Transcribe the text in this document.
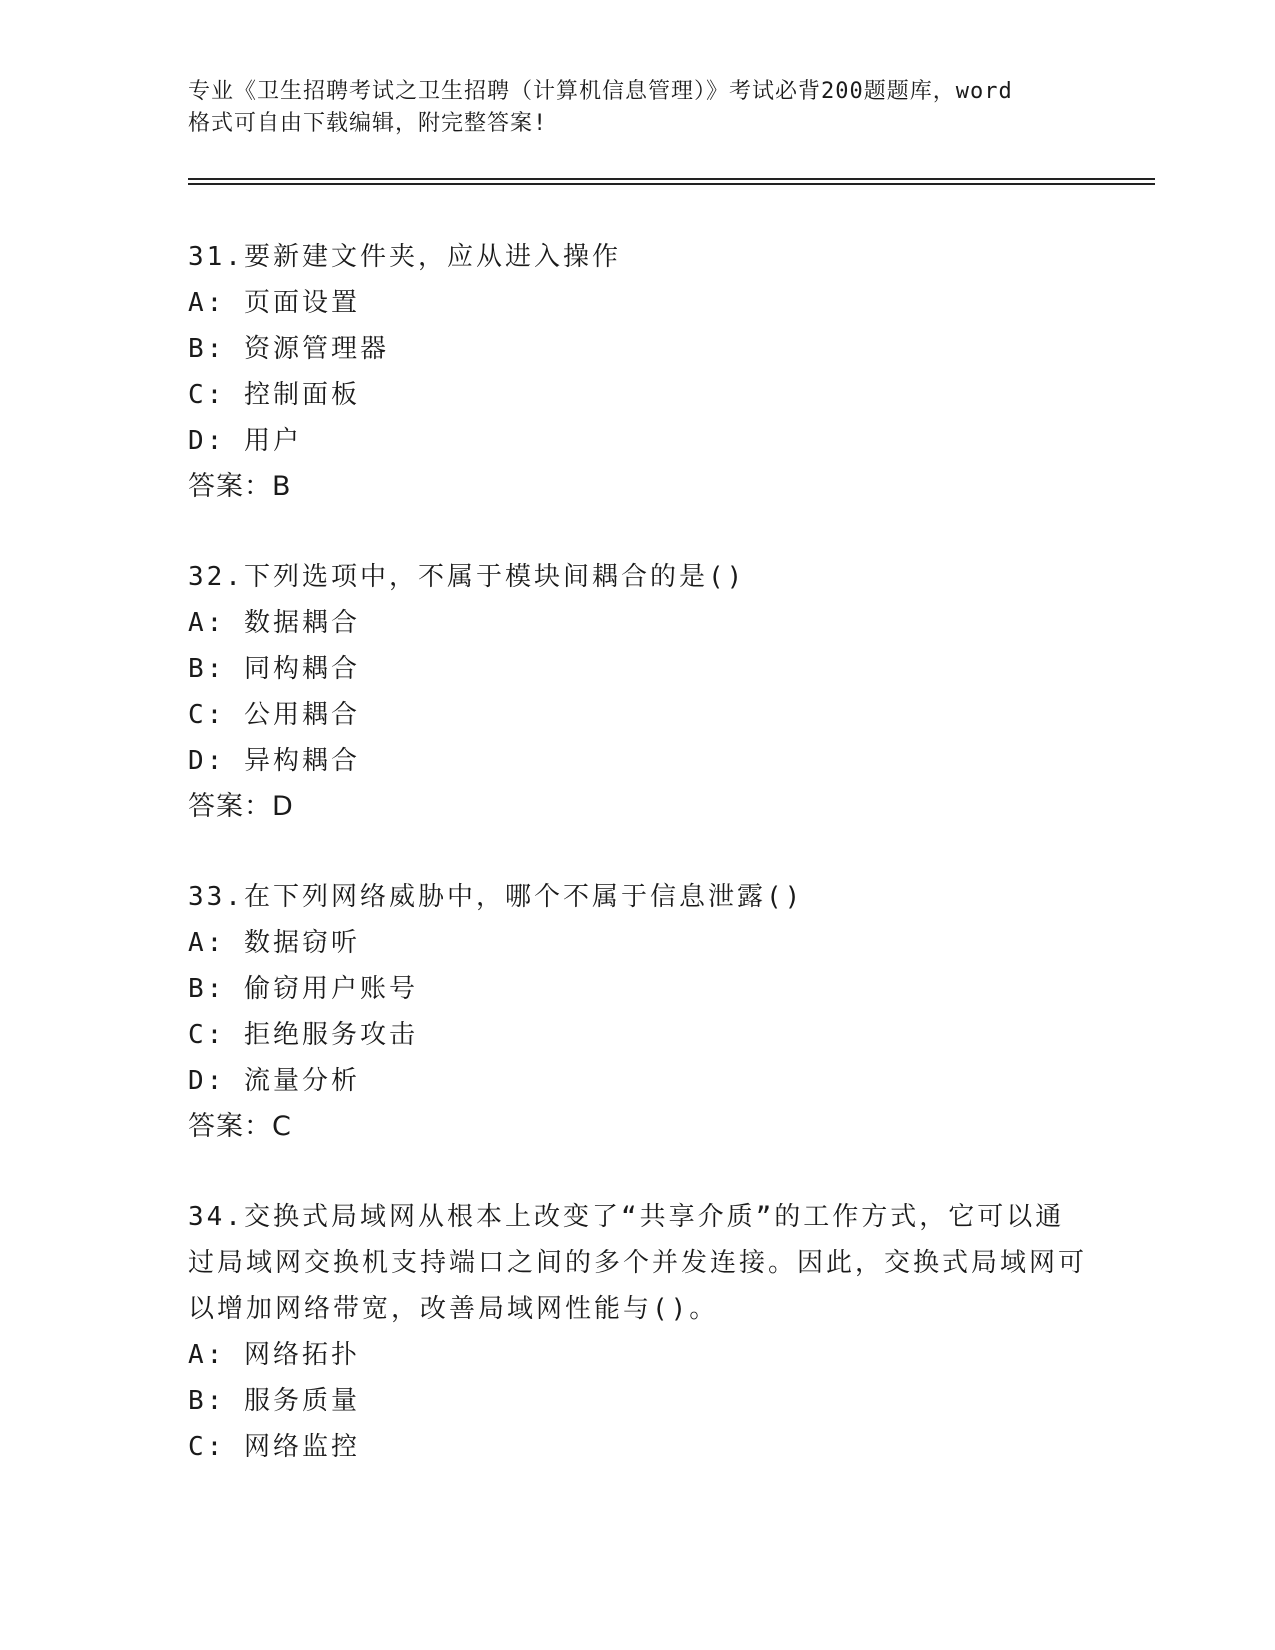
专业《卫生招聘考试之卫生招聘（计算机信息管理）》考试必背200题题库，word
格式可自由下载编辑，附完整答案!

31.要新建文件夹，应从进入操作

A: 页面设置
B: 资源管理器
C: 控制面板
D: 用户
答案：B

32.下列选项中，不属于模块间耦合的是()

A: 数据耦合
B: 同构耦合
C: 公用耦合
D: 异构耦合
答案：D

33.在下列网络威胁中，哪个不属于信息泄露()

A: 数据窃听
B: 偷窃用户账号
C: 拒绝服务攻击
D: 流量分析
答案：C

34.交换式局域网从根本上改变了“共享介质”的工作方式，它可以通过局域网交换机支持端口之间的多个并发连接。因此，交换式局域网可以增加网络带宽，改善局域网性能与()。

A: 网络拓扑
B: 服务质量
C: 网络监控
